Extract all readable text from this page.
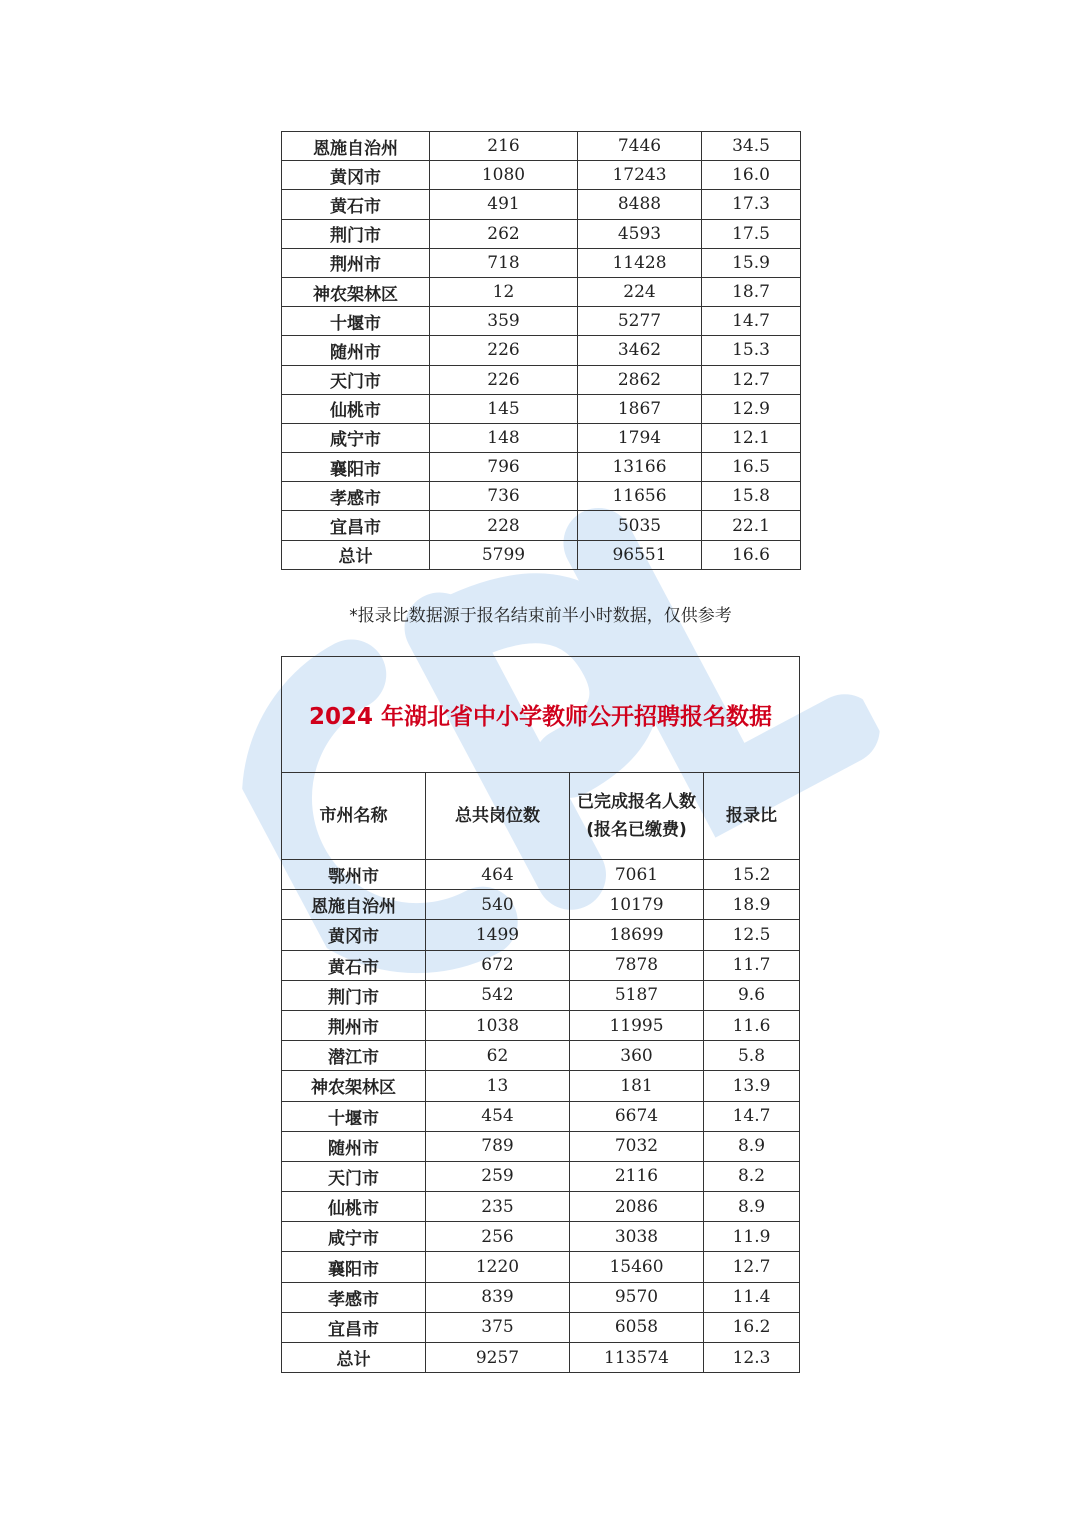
恩施自治州	216	7446	34.5
黄冈市	1080	17243	16.0
黄石市	491	8488	17.3
荆门市	262	4593	17.5
荆州市	718	11428	15.9
神农架林区	12	224	18.7
十堰市	359	5277	14.7
随州市	226	3462	15.3
天门市	226	2862	12.7
仙桃市	145	1867	12.9
咸宁市	148	1794	12.1
襄阳市	796	13166	16.5
孝感市	736	11656	15.8
宜昌市	228	5035	22.1
总计	5799	96551	16.6
*报录比数据源于报名结束前半小时数据，仅供参考
2024 年湖北省中小学教师公开招聘报名数据			
市州名称	总共岗位数	已完成报名人数(报名已缴费)	报录比
鄂州市	464	7061	15.2
恩施自治州	540	10179	18.9
黄冈市	1499	18699	12.5
黄石市	672	7878	11.7
荆门市	542	5187	9.6
荆州市	1038	11995	11.6
潜江市	62	360	5.8
神农架林区	13	181	13.9
十堰市	454	6674	14.7
随州市	789	7032	8.9
天门市	259	2116	8.2
仙桃市	235	2086	8.9
咸宁市	256	3038	11.9
襄阳市	1220	15460	12.7
孝感市	839	9570	11.4
宜昌市	375	6058	16.2
总计	9257	113574	12.3
